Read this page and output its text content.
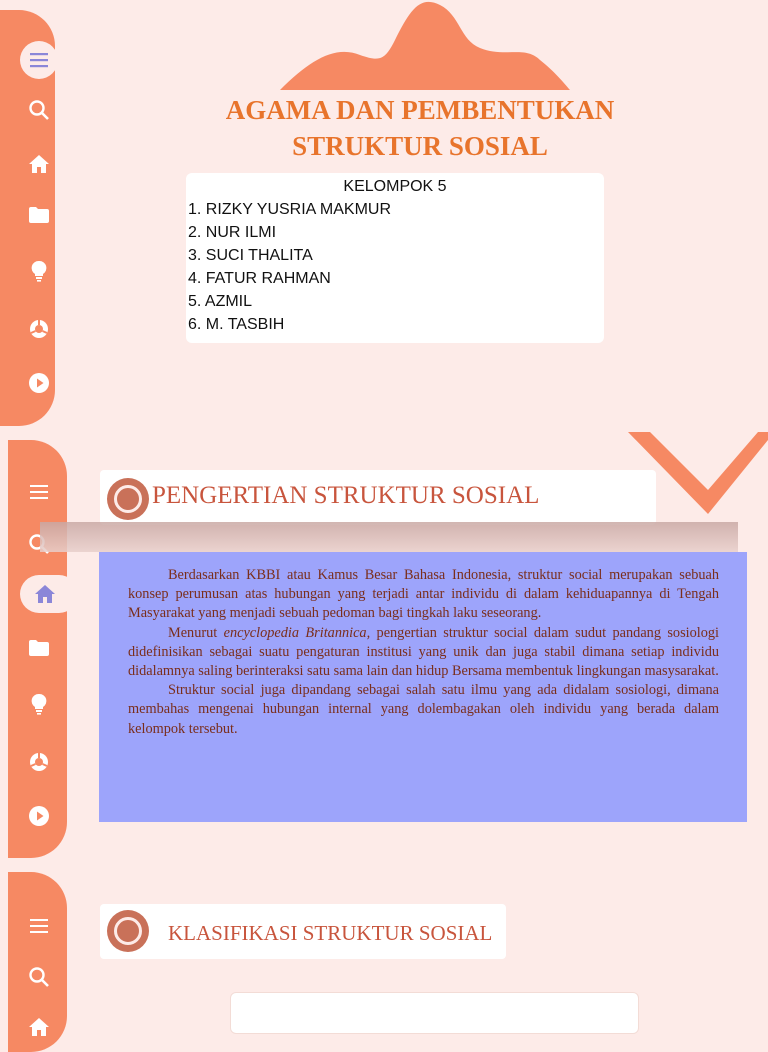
AGAMA DAN PEMBENTUKAN
STRUKTUR SOSIAL
KELOMPOK 5
1. RIZKY YUSRIA MAKMUR
2. NUR ILMI
3. SUCI THALITA
4. FATUR RAHMAN
5. AZMIL
6. M. TASBIH
PENGERTIAN STRUKTUR SOSIAL

Berdasarkan KBBI atau Kamus Besar Bahasa Indonesia, struktur social merupakan sebuah konsep perumusan atas hubungan yang terjadi antar individu di dalam kehiduapannya di Tengah Masyarakat yang menjadi sebuah pedoman bagi tingkah laku seseorang.

Menurut encyclopedia Britannica, pengertian struktur social dalam sudut pandang sosiologi didefinisikan sebagai suatu pengaturan institusi yang unik dan juga stabil dimana setiap individu didalamnya saling berinteraksi satu sama lain dan hidup Bersama membentuk lingkungan masysarakat.

Struktur social juga dipandang sebagai salah satu ilmu yang ada didalam sosiologi, dimana membahas mengenai hubungan internal yang dolembagakan oleh individu yang berada dalam kelompok tersebut.

KLASIFIKASI STRUKTUR SOSIAL
